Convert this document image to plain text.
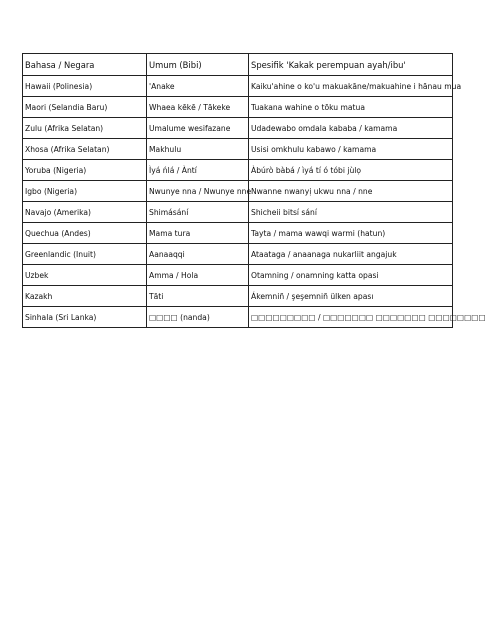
Bahasa / Negara	Umum (Bibi)	Spesifik 'Kakak perempuan ayah/ibu'
Hawaii (Polinesia)	'Anake	Kaiku'ahine o ko'u makuakāne/makuahine i hānau mua
Maori (Selandia Baru)	Whaea kēkē / Tākeke	Tuakana wahine o tōku matua
Zulu (Afrika Selatan)	Umalume wesifazane	Udadewabo omdala kababa / kamama
Xhosa (Afrika Selatan)	Makhulu	Usisi omkhulu kabawo / kamama
Yoruba (Nigeria)	Ìyá ńlá / Àntí	Àbúrò bàbá / ìyá tí ó tóbi jùlọ
Igbo (Nigeria)	Nwunye nna / Nwunye nne	Nwanne nwanyị ukwu nna / nne
Navajo (Amerika)	Shimásání	Shicheii bitsí sání
Quechua (Andes)	Mama tura	Tayta / mama wawqi warmi (hatun)
Greenlandic (Inuit)	Aanaaqqi	Ataataga / anaanaga nukarliit angajuk
Uzbek	Amma / Hola	Otamning / onamning katta opasi
Kazakh	Tăti	Ákemniñ / şeşemniñ ülken apası
Sinhala (Sri Lanka)	□□□□ (nanda)	□□□□□□□□□ / □□□□□□□ □□□□□□□ □□□□□□□□
